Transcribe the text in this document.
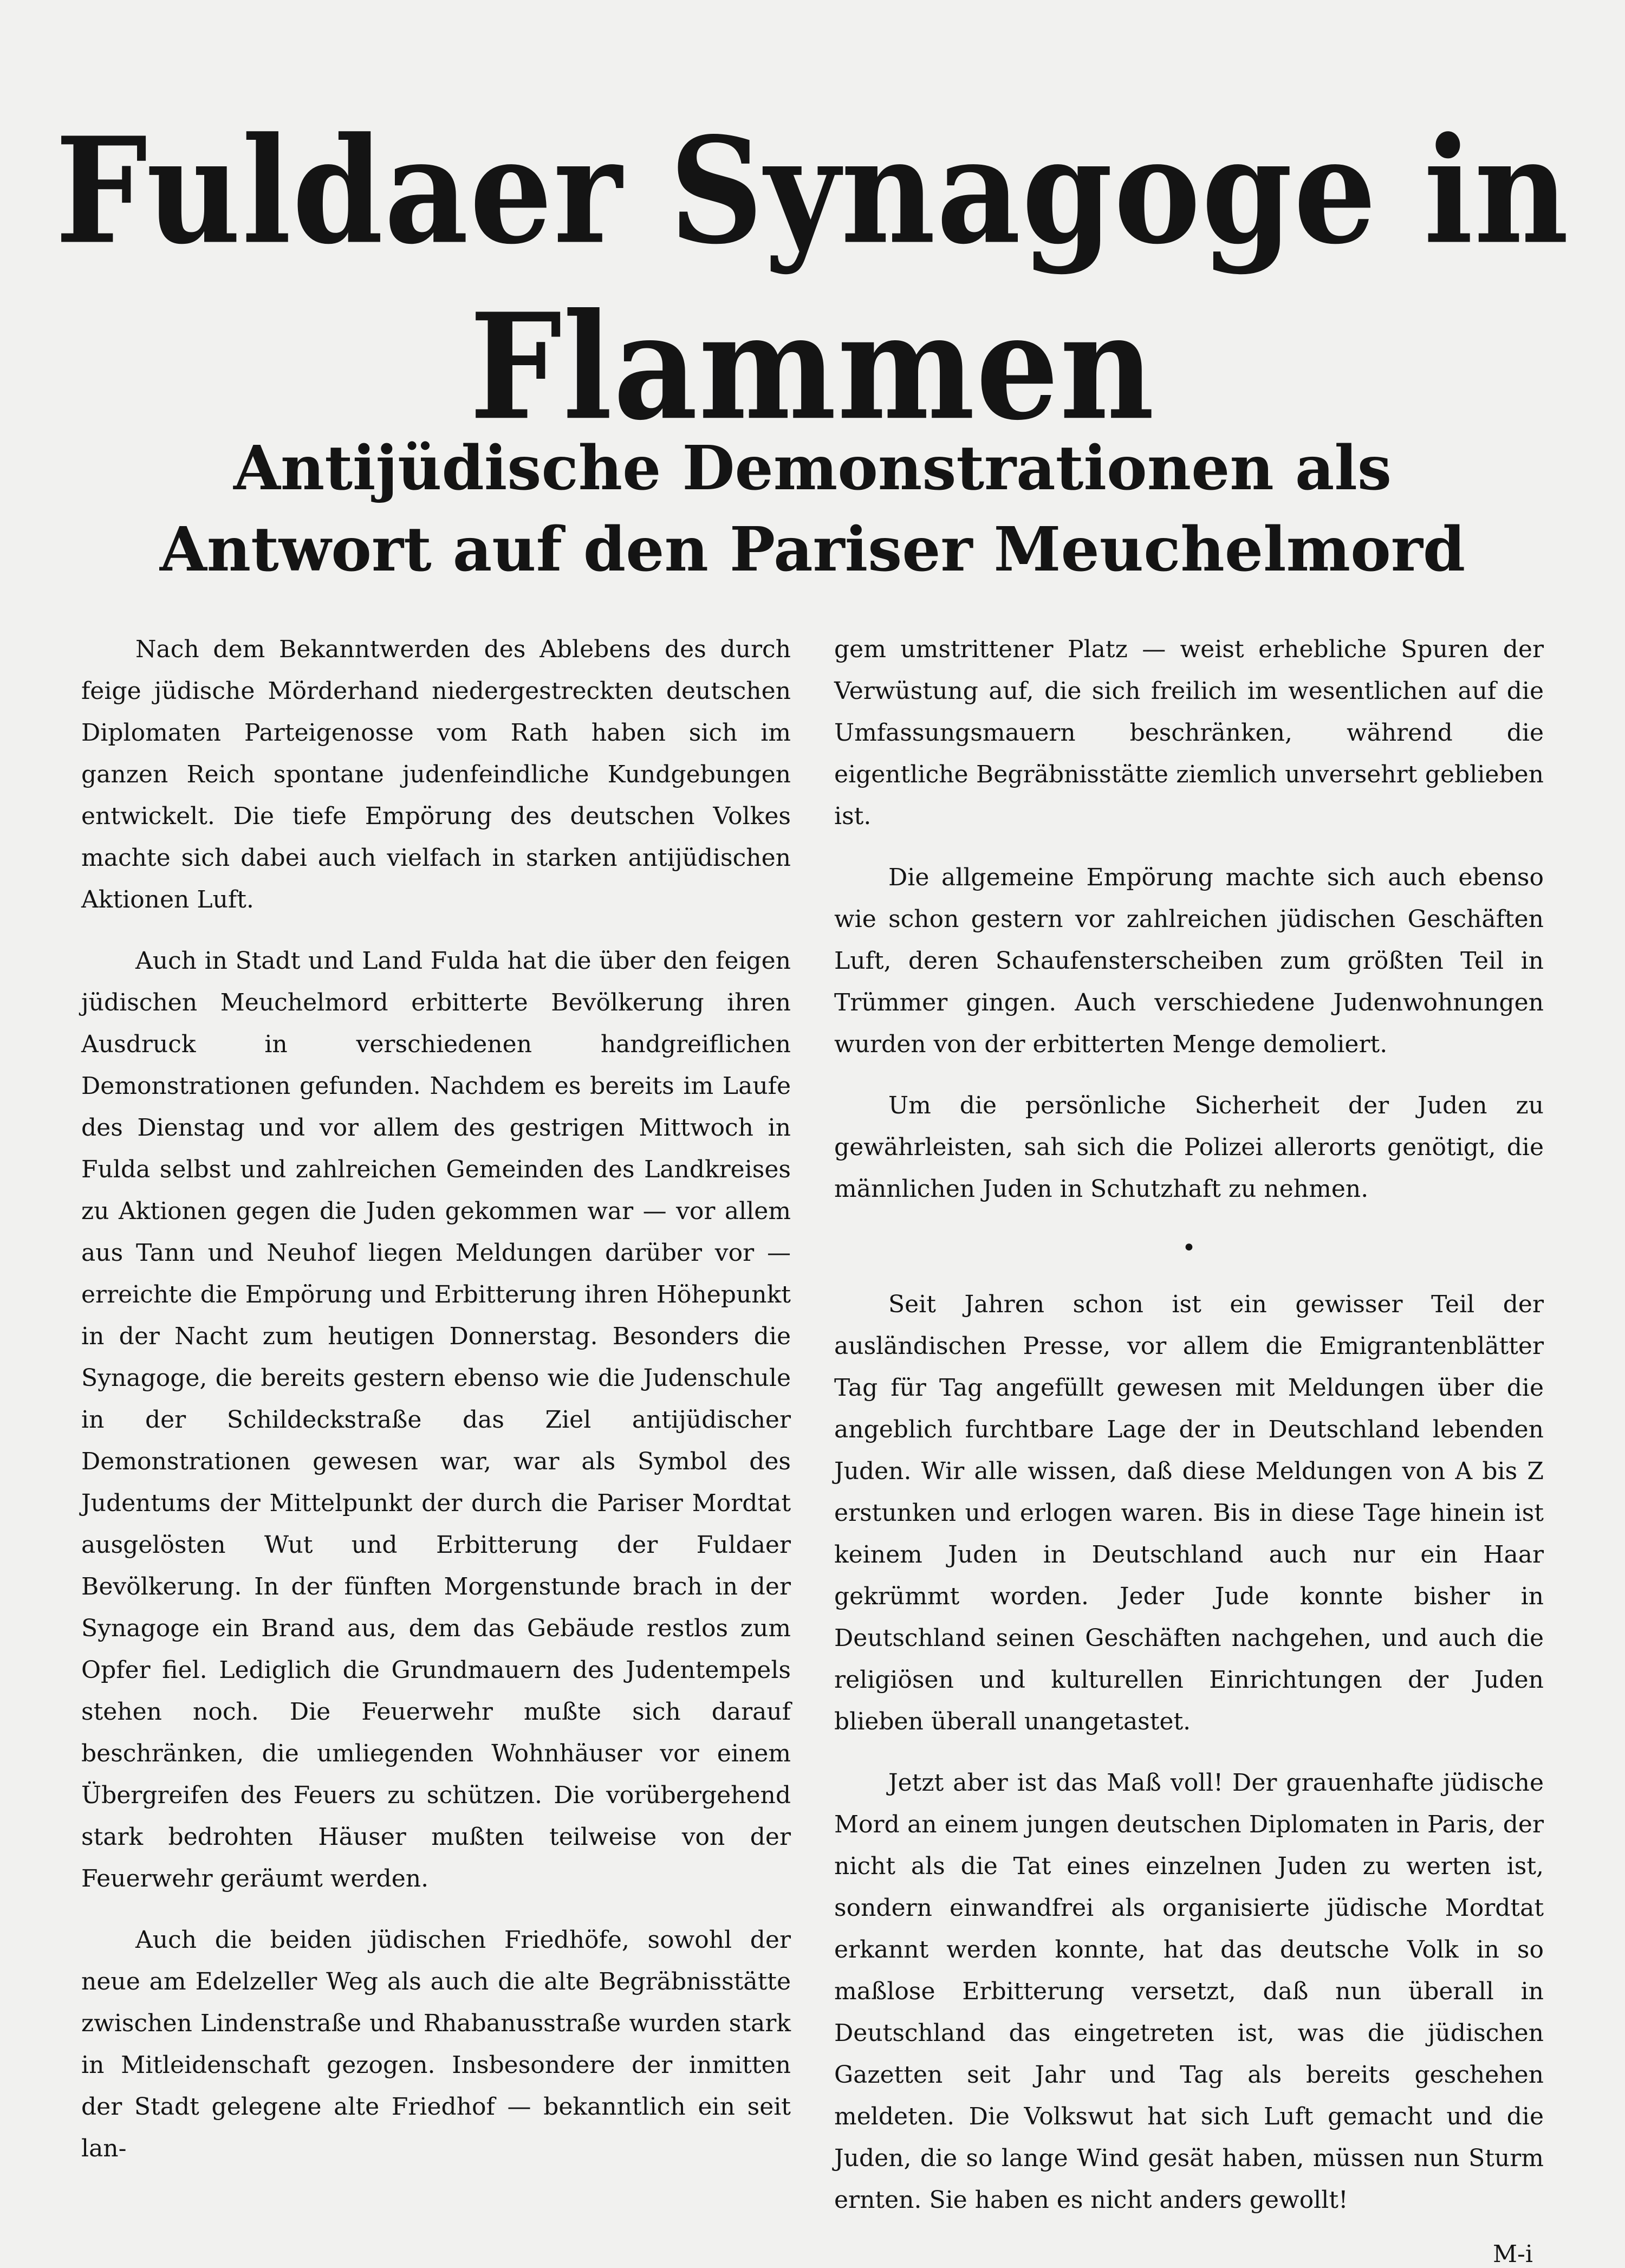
Fuldaer Synagoge in Flammen
Antijüdische Demonstrationen als Antwort auf den Pariser Meuchelmord

Nach dem Bekanntwerden des Ablebens des durch feige jüdische Mörderhand niedergestreckten deutschen Diplomaten Parteigenosse vom Rath haben sich im ganzen Reich spontane judenfeindliche Kundgebungen entwickelt. Die tiefe Empörung des deutschen Volkes machte sich dabei auch vielfach in starken antijüdischen Aktionen Luft.

Auch in Stadt und Land Fulda hat die über den feigen jüdischen Meuchelmord erbitterte Bevölkerung ihren Ausdruck in verschiedenen handgreiflichen Demonstrationen gefunden. Nachdem es bereits im Laufe des Dienstag und vor allem des gestrigen Mittwoch in Fulda selbst und zahlreichen Gemeinden des Landkreises zu Aktionen gegen die Juden gekommen war — vor allem aus Tann und Neuhof liegen Meldungen darüber vor — erreichte die Empörung und Erbitterung ihren Höhepunkt in der Nacht zum heutigen Donnerstag. Besonders die Synagoge, die bereits gestern ebenso wie die Judenschule in der Schildeckstraße das Ziel antijüdischer Demonstrationen gewesen war, war als Symbol des Judentums der Mittelpunkt der durch die Pariser Mordtat ausgelösten Wut und Erbitterung der Fuldaer Bevölkerung. In der fünften Morgenstunde brach in der Synagoge ein Brand aus, dem das Gebäude restlos zum Opfer fiel. Lediglich die Grundmauern des Judentempels stehen noch. Die Feuerwehr mußte sich darauf beschränken, die umliegenden Wohnhäuser vor einem Übergreifen des Feuers zu schützen. Die vorübergehend stark bedrohten Häuser mußten teilweise von der Feuerwehr geräumt werden.

Auch die beiden jüdischen Friedhöfe, sowohl der neue am Edelzeller Weg als auch die alte Begräbnisstätte zwischen Lindenstraße und Rhabanusstraße wurden stark in Mitleidenschaft gezogen. Insbesondere der inmitten der Stadt gelegene alte Friedhof — bekanntlich ein seit lan-

gem umstrittener Platz — weist erhebliche Spuren der Verwüstung auf, die sich freilich im wesentlichen auf die Umfassungsmauern beschränken, während die eigentliche Begräbnisstätte ziemlich unversehrt geblieben ist.

Die allgemeine Empörung machte sich auch ebenso wie schon gestern vor zahlreichen jüdischen Geschäften Luft, deren Schaufensterscheiben zum größten Teil in Trümmer gingen. Auch verschiedene Judenwohnungen wurden von der erbitterten Menge demoliert.

Um die persönliche Sicherheit der Juden zu gewährleisten, sah sich die Polizei allerorts genötigt, die männlichen Juden in Schutzhaft zu nehmen.

•

Seit Jahren schon ist ein gewisser Teil der ausländischen Presse, vor allem die Emigrantenblätter Tag für Tag angefüllt gewesen mit Meldungen über die angeblich furchtbare Lage der in Deutschland lebenden Juden. Wir alle wissen, daß diese Meldungen von A bis Z erstunken und erlogen waren. Bis in diese Tage hinein ist keinem Juden in Deutschland auch nur ein Haar gekrümmt worden. Jeder Jude konnte bisher in Deutschland seinen Geschäften nachgehen, und auch die religiösen und kulturellen Einrichtungen der Juden blieben überall unangetastet.

Jetzt aber ist das Maß voll! Der grauenhafte jüdische Mord an einem jungen deutschen Diplomaten in Paris, der nicht als die Tat eines einzelnen Juden zu werten ist, sondern einwandfrei als organisierte jüdische Mordtat erkannt werden konnte, hat das deutsche Volk in so maßlose Erbitterung versetzt, daß nun überall in Deutschland das eingetreten ist, was die jüdischen Gazetten seit Jahr und Tag als bereits geschehen meldeten. Die Volkswut hat sich Luft gemacht und die Juden, die so lange Wind gesät haben, müssen nun Sturm ernten. Sie haben es nicht anders gewollt!

M-i
